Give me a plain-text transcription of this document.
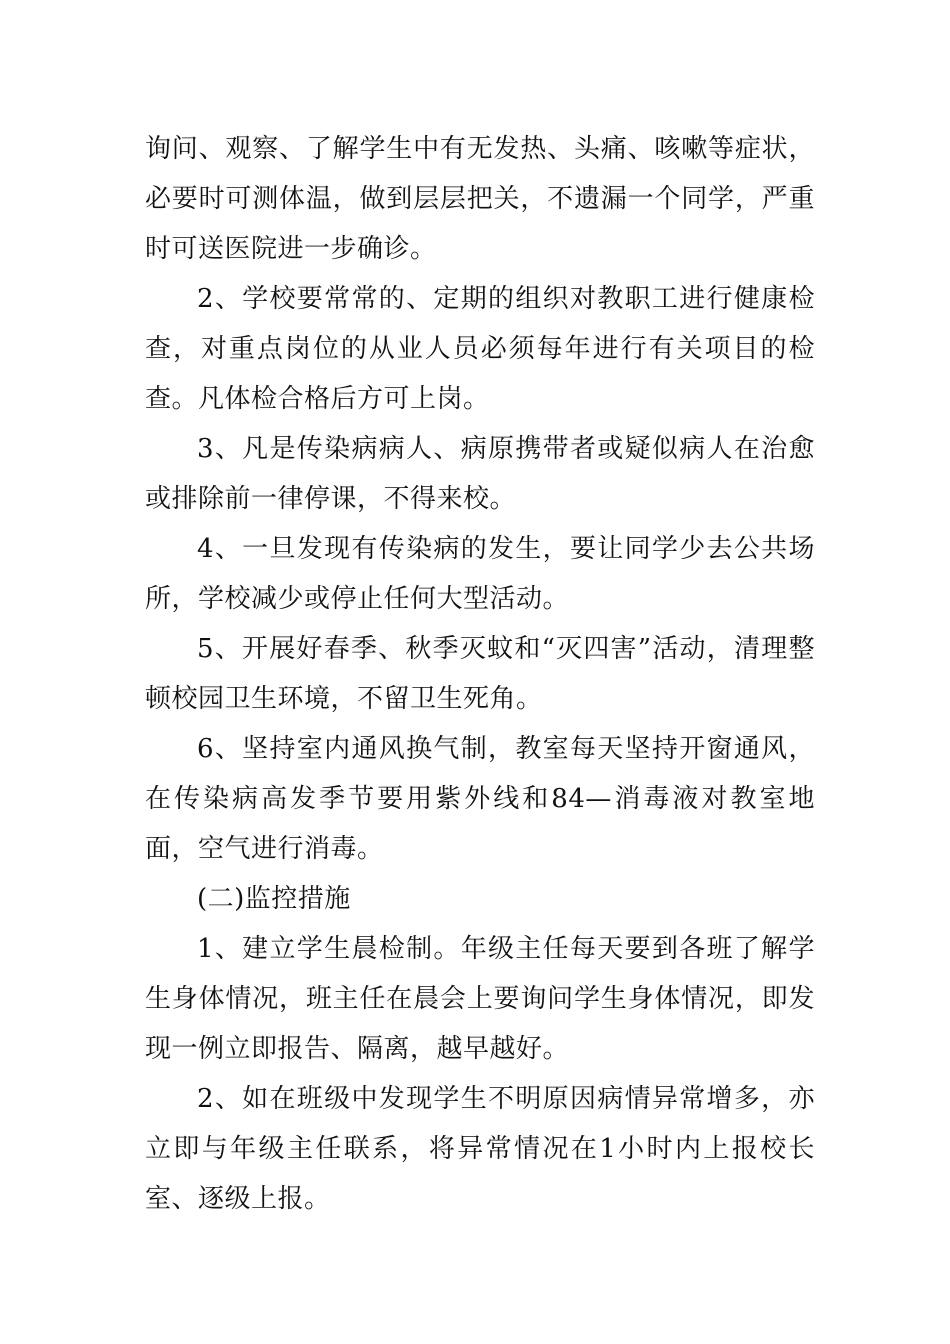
询问、观察、了解学生中有无发热、头痛、咳嗽等症状，必要时可测体温，做到层层把关，不遗漏一个同学，严重时可送医院进一步确诊。

2、学校要常常的、定期的组织对教职工进行健康检查，对重点岗位的从业人员必须每年进行有关项目的检查。凡体检合格后方可上岗。

3、凡是传染病病人、病原携带者或疑似病人在治愈或排除前一律停课，不得来校。

4、一旦发现有传染病的发生，要让同学少去公共场所，学校减少或停止任何大型活动。

5、开展好春季、秋季灭蚊和“灭四害”活动，清理整顿校园卫生环境，不留卫生死角。

6、坚持室内通风换气制，教室每天坚持开窗通风，在传染病高发季节要用紫外线和84—消毒液对教室地面，空气进行消毒。

(二)监控措施

1、建立学生晨检制。年级主任每天要到各班了解学生身体情况，班主任在晨会上要询问学生身体情况，即发现一例立即报告、隔离，越早越好。

2、如在班级中发现学生不明原因病情异常增多，亦立即与年级主任联系，将异常情况在1小时内上报校长室、逐级上报。
